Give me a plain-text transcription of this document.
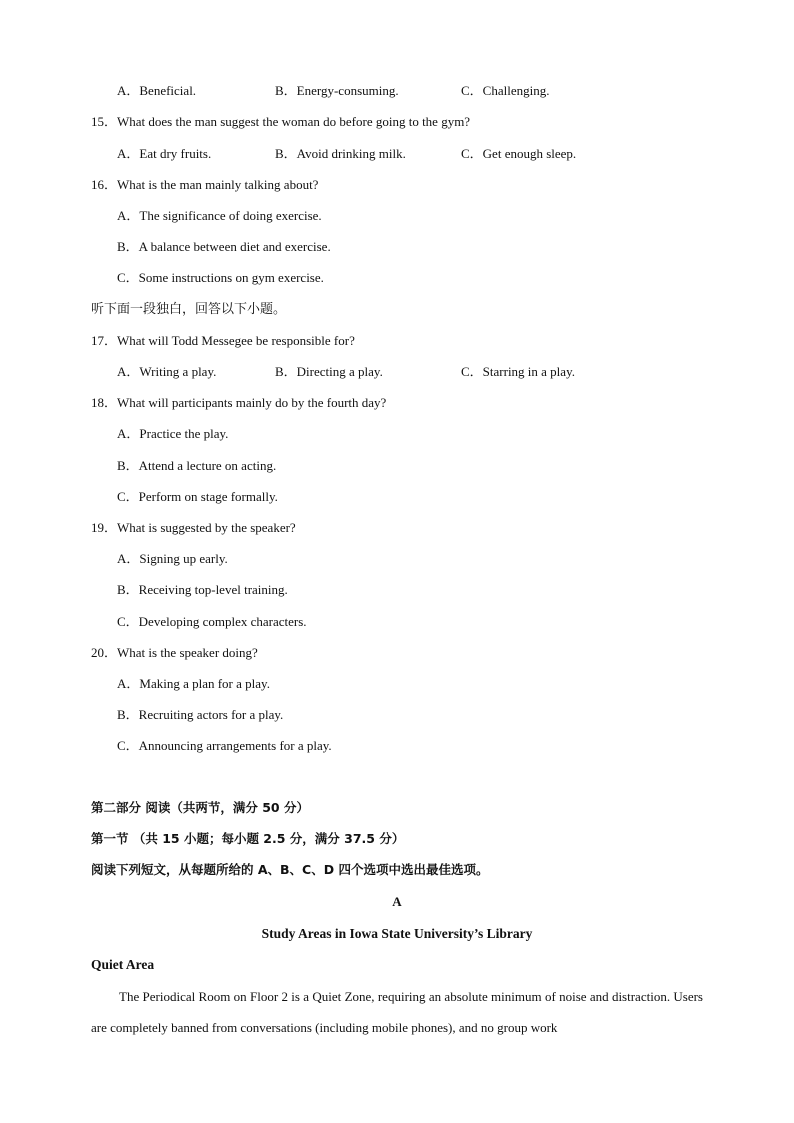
A．Beneficial.	B．Energy-consuming.	C．Challenging.
15．What does the man suggest the woman do before going to the gym?
A．Eat dry fruits.	B．Avoid drinking milk.	C．Get enough sleep.
16．What is the man mainly talking about?
A．The significance of doing exercise.
B．A balance between diet and exercise.
C．Some instructions on gym exercise.
听下面一段独白，回答以下小题。
17．What will Todd Messegee be responsible for?
A．Writing a play.	B．Directing a play.	C．Starring in a play.
18．What will participants mainly do by the fourth day?
A．Practice the play.
B．Attend a lecture on acting.
C．Perform on stage formally.
19．What is suggested by the speaker?
A．Signing up early.
B．Receiving top-level training.
C．Developing complex characters.
20．What is the speaker doing?
A．Making a plan for a play.
B．Recruiting actors for a play.
C．Announcing arrangements for a play.
第二部分 阅读（共两节，满分 50 分）
第一节 （共 15 小题；每小题 2.5 分，满分 37.5 分）
阅读下列短文，从每题所给的 A、B、C、D 四个选项中选出最佳选项。
A
Study Areas in Iowa State University’s Library
Quiet Area
The Periodical Room on Floor 2 is a Quiet Zone, requiring an absolute minimum of noise and distraction. Users are completely banned from conversations (including mobile phones), and no group work
